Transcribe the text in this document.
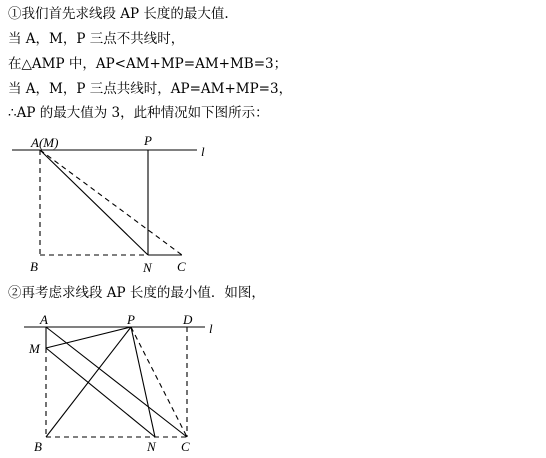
①我们首先求线段 AP 长度的最大值.
当 A，M，P 三点不共线时，
在△AMP 中，AP<AM+MP=AM+MB=3；
当 A，M，P 三点共线时，AP=AM+MP=3，
∴AP 的最大值为 3，此种情况如下图所示：
A(M)	P
l
B	N C
②再考虑求线段 AP 长度的最小值．如图，
A	P	D
l
M
B	N C
